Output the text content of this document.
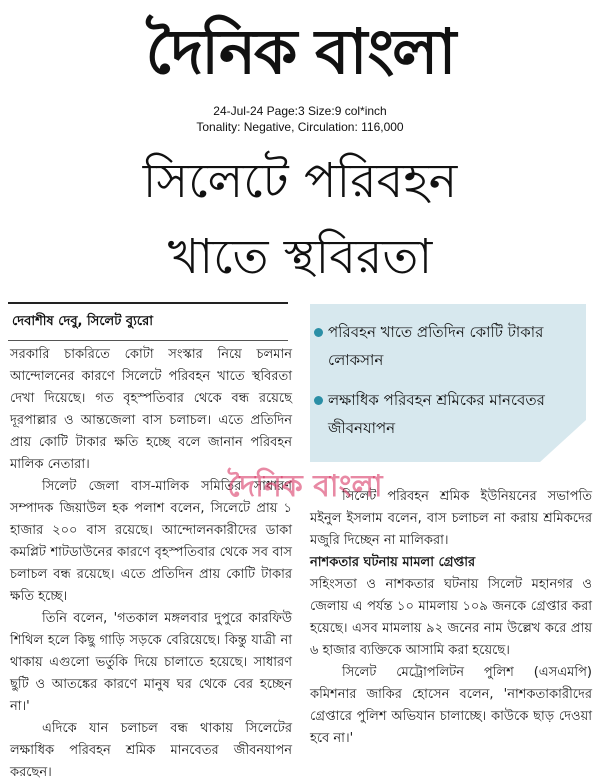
দৈনিক বাংলা
24-Jul-24 Page:3 Size:9 col*inch
Tonality: Negative, Circulation: 116,000
সিলেটে পরিবহন
খাতে স্থবিরতা
দেবাশীষ দেবু, সিলেট ব্যুরো
পরিবহন খাতে প্রতিদিন কোটি টাকার লোকসান
লক্ষাধিক পরিবহন শ্রমিকের মানবেতর জীবনযাপন

সরকারি চাকরিতে কোটা সংস্কার নিয়ে চলমান আন্দোলনের কারণে সিলেটে পরিবহন খাতে স্থবিরতা দেখা দিয়েছে। গত বৃহস্পতিবার থেকে বন্ধ রয়েছে দূরপাল্লার ও আন্তজেলা বাস চলাচল। এতে প্রতিদিন প্রায় কোটি টাকার ক্ষতি হচ্ছে বলে জানান পরিবহন মালিক নেতারা।

সিলেট জেলা বাস-মালিক সমিতির সাধারণ সম্পাদক জিয়াউল হক পলাশ বলেন, সিলেটে প্রায় ১ হাজার ২০০ বাস রয়েছে। আন্দোলনকারীদের ডাকা কমপ্লিট শাটডাউনের কারণে বৃহস্পতিবার থেকে সব বাস চলাচল বন্ধ রয়েছে। এতে প্রতিদিন প্রায় কোটি টাকার ক্ষতি হচ্ছে।

তিনি বলেন, 'গতকাল মঙ্গলবার দুপুরে কারফিউ শিথিল হলে কিছু গাড়ি সড়কে বেরিয়েছে। কিন্তু যাত্রী না থাকায় এগুলো ভর্তুকি দিয়ে চালাতে হয়েছে। সাধারণ ছুটি ও আতঙ্কের কারণে মানুষ ঘর থেকে বের হচ্ছেন না।'

এদিকে যান চলাচল বন্ধ থাকায় সিলেটের লক্ষাধিক পরিবহন শ্রমিক মানবেতর জীবনযাপন করছেন।

সিলেট পরিবহন শ্রমিক ইউনিয়নের সভাপতি মইনুল ইসলাম বলেন, বাস চলাচল না করায় শ্রমিকদের মজুরি দিচ্ছেন না মালিকরা।

নাশকতার ঘটনায় মামলা গ্রেপ্তার

সহিংসতা ও নাশকতার ঘটনায় সিলেট মহানগর ও জেলায় এ পর্যন্ত ১০ মামলায় ১০৯ জনকে গ্রেপ্তার করা হয়েছে। এসব মামলায় ৯২ জনের নাম উল্লেখ করে প্রায় ৬ হাজার ব্যক্তিকে আসামি করা হয়েছে।

সিলেট মেট্রোপলিটন পুলিশ (এসএমপি) কমিশনার জাকির হোসেন বলেন, 'নাশকতাকারীদের গ্রেপ্তারে পুলিশ অভিযান চালাচ্ছে। কাউকে ছাড় দেওয়া হবে না।'

দৈনিক বাংলা
